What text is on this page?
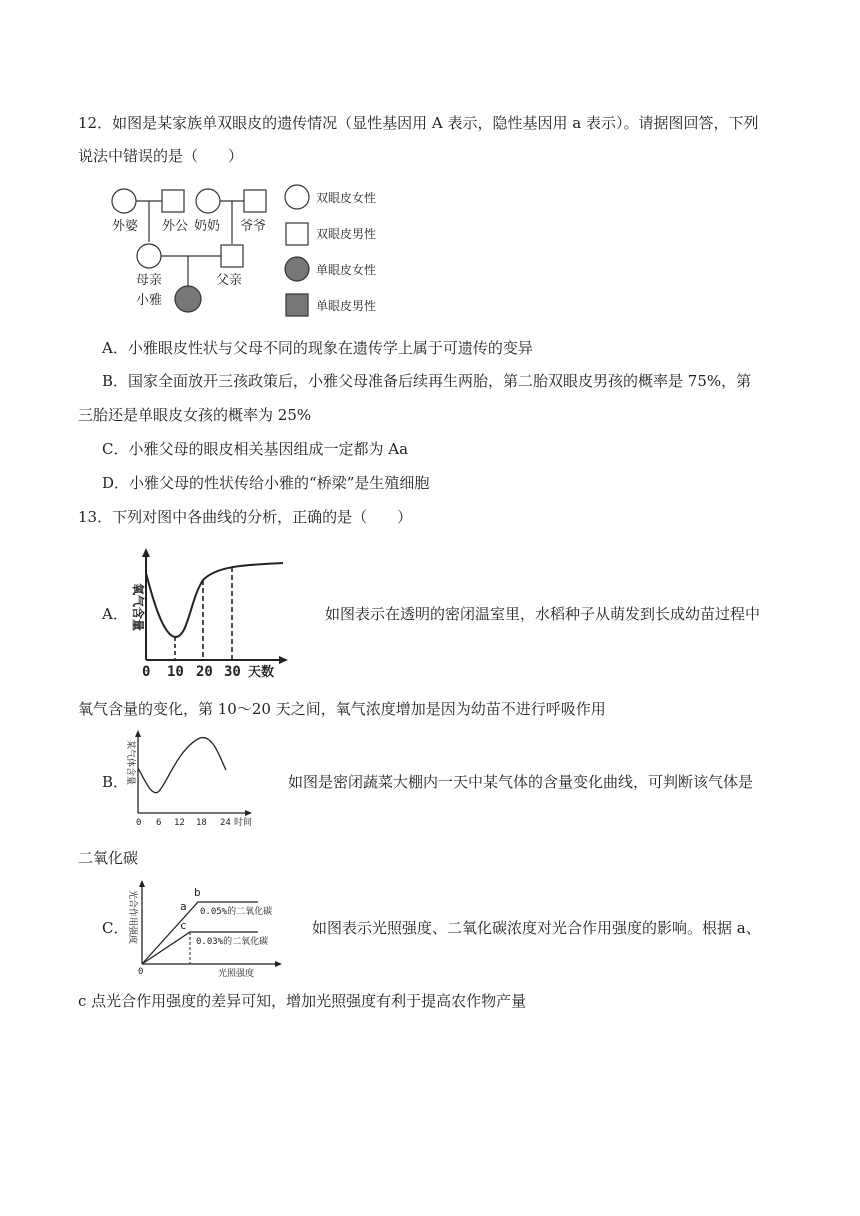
12．如图是某家族单双眼皮的遗传情况（显性基因用 A 表示，隐性基因用 a 表示）。请据图回答，下列
说法中错误的是（　　）
外婆 外公 奶奶 爷爷
母亲	父亲
小雅
双眼皮女性
双眼皮男性
单眼皮女性
单眼皮男性
A．小雅眼皮性状与父母不同的现象在遗传学上属于可遗传的变异
B．国家全面放开三孩政策后，小雅父母准备后续再生两胎，第二胎双眼皮男孩的概率是 75%，第
三胎还是单眼皮女孩的概率为 25%
C．小雅父母的眼皮相关基因组成一定都为 Aa
D．小雅父母的性状传给小雅的“桥梁”是生殖细胞
13．下列对图中各曲线的分析，正确的是（　　）
A． 氧气含量
0 10 20 30 天数
如图表示在透明的密闭温室里，水稻种子从萌发到长成幼苗过程中
氧气含量的变化，第 10～20 天之间，氧气浓度增加是因为幼苗不进行呼吸作用
B．
某气体含量
0 6 12 18 24 时间
如图是密闭蔬菜大棚内一天中某气体的含量变化曲线，可判断该气体是
二氧化碳
C．
光合作用强度
0
a
b
c
0.05%的二氧化碳
0.03%的二氧化碳
光照强度
如图表示光照强度、二氧化碳浓度对光合作用强度的影响。根据 a、
c 点光合作用强度的差异可知，增加光照强度有利于提高农作物产量
